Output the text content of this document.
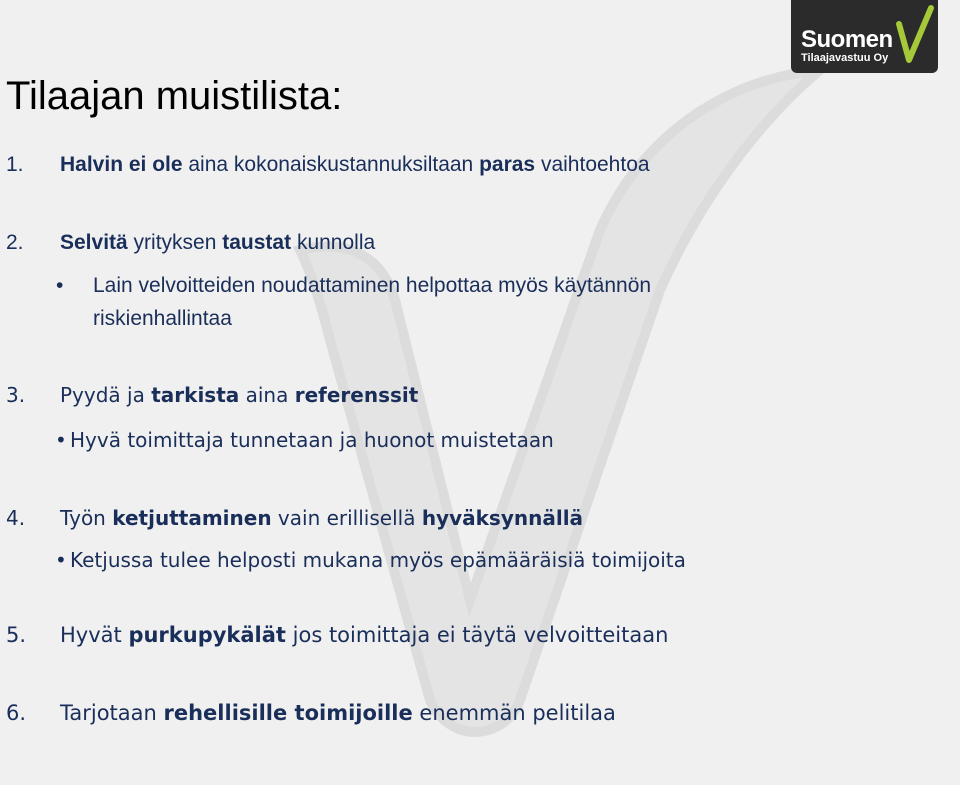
Suomen
Tilaajavastuu Oy
Tilaajan muistilista:
1. Halvin ei ole aina kokonaiskustannuksiltaan paras vaihtoehtoa
2. Selvitä yrityksen taustat kunnolla
• Lain velvoitteiden noudattaminen helpottaa myös käytännön
riskienhallintaa
3. Pyydä ja tarkista aina referenssit
• Hyvä toimittaja tunnetaan ja huonot muistetaan
4. Työn ketjuttaminen vain erillisellä hyväksynnällä
• Ketjussa tulee helposti mukana myös epämääräisiä toimijoita
5. Hyvät purkupykälät jos toimittaja ei täytä velvoitteitaan
6. Tarjotaan rehellisille toimijoille enemmän pelitilaa
